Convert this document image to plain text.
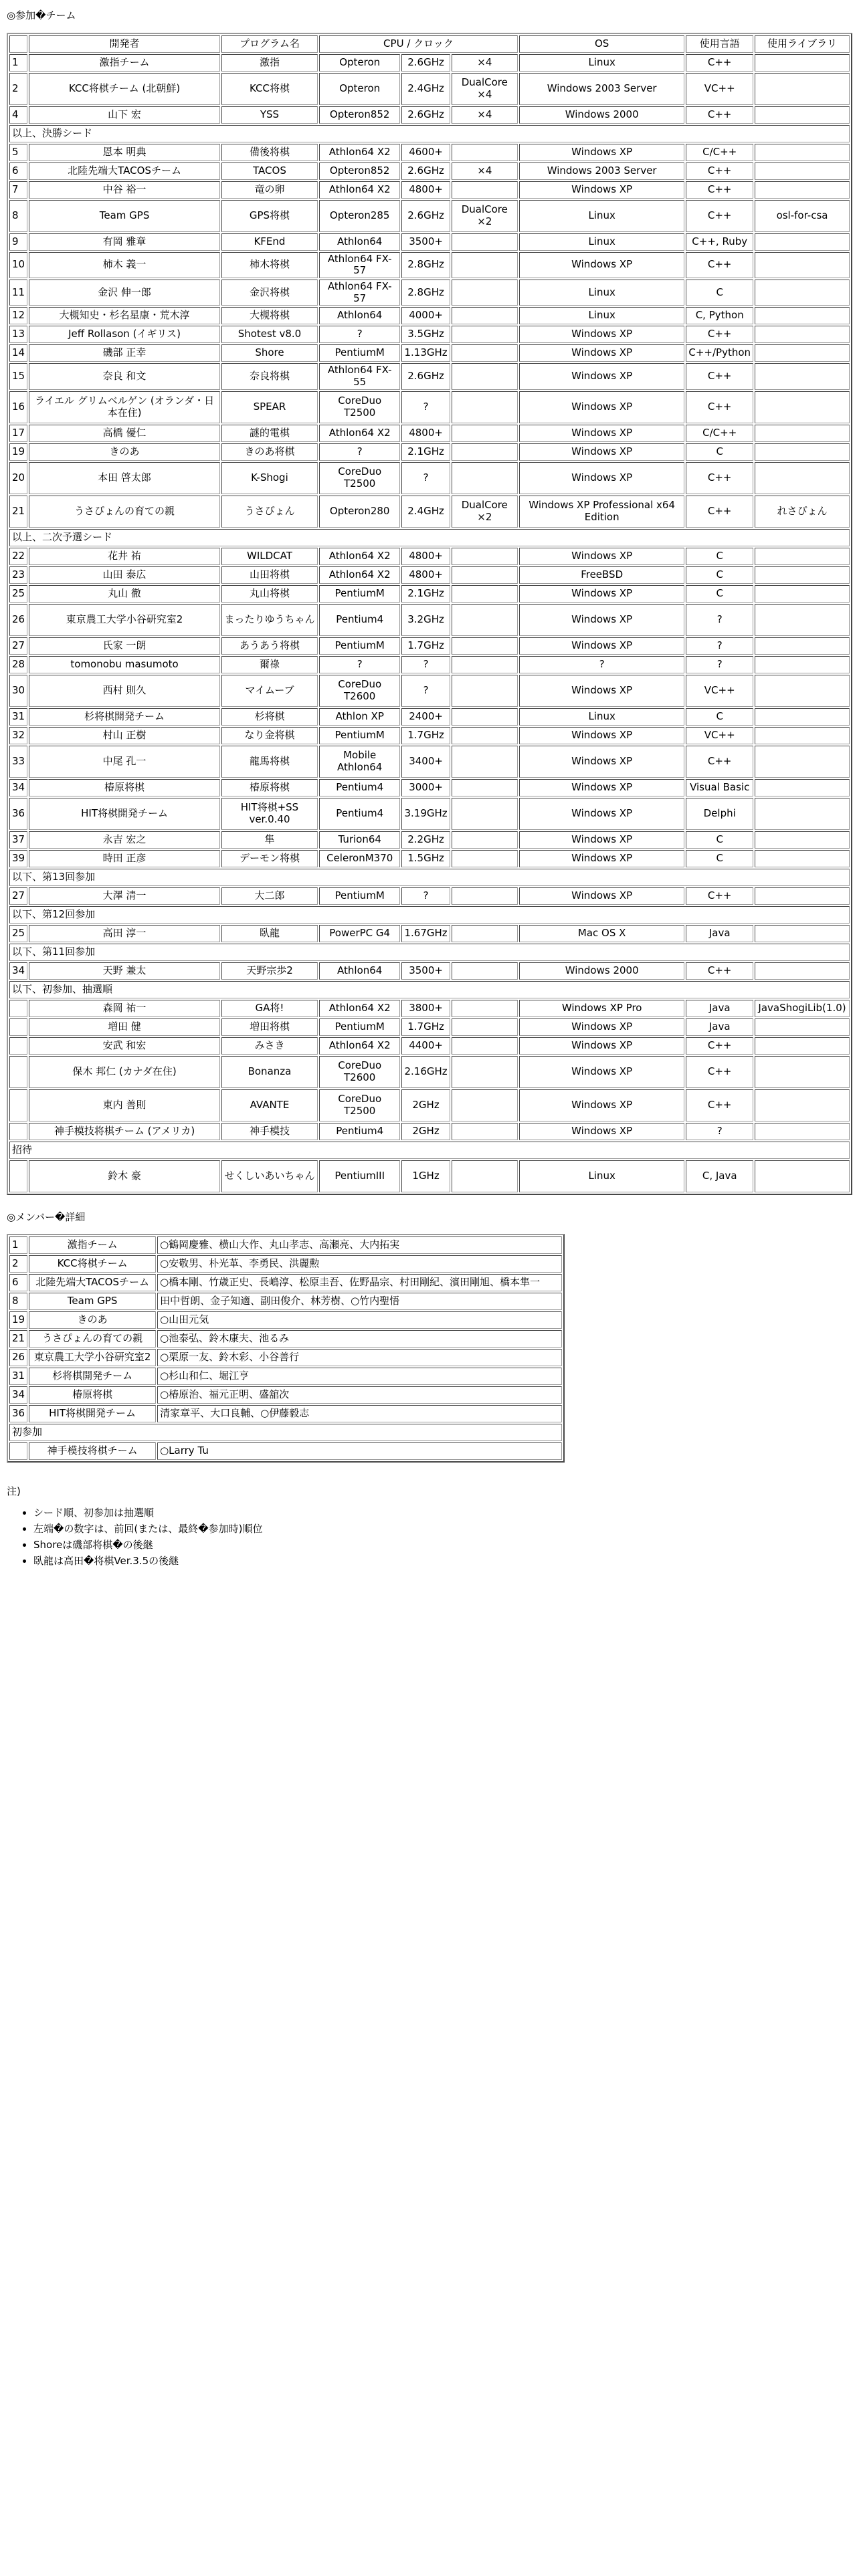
◎参加�チーム

	開発者	プログラム名	CPU / クロック			OS	使用言語	使用ライブラリ
1	激指チーム	激指	Opteron	2.6GHz	×4	Linux	C++	
2	KCC将棋チーム (北朝鮮)	KCC将棋	Opteron	2.4GHz	DualCore ×4	Windows 2003 Server	VC++	
4	山下 宏	YSS	Opteron852	2.6GHz	×4	Windows 2000	C++	
以上、決勝シード								
5	恩本 明典	備後将棋	Athlon64 X2	4600+		Windows XP	C/C++	
6	北陸先端大TACOSチーム	TACOS	Opteron852	2.6GHz	×4	Windows 2003 Server	C++	
7	中谷 裕一	竜の卵	Athlon64 X2	4800+		Windows XP	C++	
8	Team GPS	GPS将棋	Opteron285	2.6GHz	DualCore ×2	Linux	C++	osl-for-csa
9	有岡 雅章	KFEnd	Athlon64	3500+		Linux	C++, Ruby	
10	柿木 義一	柿木将棋	Athlon64 FX-57	2.8GHz		Windows XP	C++	
11	金沢 伸一郎	金沢将棋	Athlon64 FX-57	2.8GHz		Linux	C	
12	大槻知史・杉名星康・荒木淳	大槻将棋	Athlon64	4000+		Linux	C, Python	
13	Jeff Rollason (イギリス)	Shotest v8.0	?	3.5GHz		Windows XP	C++	
14	磯部 正幸	Shore	PentiumM	1.13GHz		Windows XP	C++/Python	
15	奈良 和文	奈良将棋	Athlon64 FX-55	2.6GHz		Windows XP	C++	
16	ライエル グリムベルゲン (オランダ・日本在住)	SPEAR	CoreDuo T2500	?		Windows XP	C++	
17	高橋 優仁	謎的電棋	Athlon64 X2	4800+		Windows XP	C/C++	
19	きのあ	きのあ将棋	?	2.1GHz		Windows XP	C	
20	本田 啓太郎	K-Shogi	CoreDuo T2500	?		Windows XP	C++	
21	うさぴょんの育ての親	うさぴょん	Opteron280	2.4GHz	DualCore ×2	Windows XP Professional x64 Edition	C++	れさぴょん
以上、二次予選シード								
22	花井 祐	WILDCAT	Athlon64 X2	4800+		Windows XP	C	
23	山田 泰広	山田将棋	Athlon64 X2	4800+		FreeBSD	C	
25	丸山 徹	丸山将棋	PentiumM	2.1GHz		Windows XP	C	
26	東京農工大学小谷研究室2	まったりゆうちゃん	Pentium4	3.2GHz		Windows XP	?	
27	氏家 一朗	あうあう将棋	PentiumM	1.7GHz		Windows XP	?	
28	tomonobu masumoto	爾祿	?	?		?	?	
30	西村 則久	マイムーブ	CoreDuo T2600	?		Windows XP	VC++	
31	杉将棋開発チーム	杉将棋	Athlon XP	2400+		Linux	C	
32	村山 正樹	なり金将棋	PentiumM	1.7GHz		Windows XP	VC++	
33	中尾 孔一	龍馬将棋	Mobile Athlon64	3400+		Windows XP	C++	
34	椿原将棋	椿原将棋	Pentium4	3000+		Windows XP	Visual Basic	
36	HIT将棋開発チーム	HIT将棋+SS ver.0.40	Pentium4	3.19GHz		Windows XP	Delphi	
37	永吉 宏之	隼	Turion64	2.2GHz		Windows XP	C	
39	時田 正彦	デーモン将棋	CeleronM370	1.5GHz		Windows XP	C	
以下、第13回参加								
27	大澤 清一	大二郎	PentiumM	?		Windows XP	C++	
以下、第12回参加								
25	高田 淳一	臥龍	PowerPC G4	1.67GHz		Mac OS X	Java	
以下、第11回参加								
34	天野 兼太	天野宗歩2	Athlon64	3500+		Windows 2000	C++	
以下、初参加、抽選順								
	森岡 祐一	GA将!	Athlon64 X2	3800+		Windows XP Pro	Java	JavaShogiLib(1.0)
	増田 健	増田将棋	PentiumM	1.7GHz		Windows XP	Java	
	安武 和宏	みさき	Athlon64 X2	4400+		Windows XP	C++	
	保木 邦仁 (カナダ在住)	Bonanza	CoreDuo T2600	2.16GHz		Windows XP	C++	
	東内 善則	AVANTE	CoreDuo T2500	2GHz		Windows XP	C++	
	神手模技将棋チーム (アメリカ)	神手模技	Pentium4	2GHz		Windows XP	?	
招待								
	鈴木 豪	せくしいあいちゃん	PentiumIII	1GHz		Linux	C, Java	

◎メンバー�詳細

1	激指チーム	○鶴岡慶雅、横山大作、丸山孝志、高瀬亮、大内拓実
2	KCC将棋チーム	○安敬男、朴光革、李勇民、洪麗勲
6	北陸先端大TACOSチーム	○橋本剛、竹歳正史、長嶋淳、松原圭吾、佐野晶宗、村田剛紀、濱田剛旭、橋本隼一
8	Team GPS	田中哲朗、金子知適、副田俊介、林芳樹、○竹内聖悟
19	きのあ	○山田元気
21	うさぴょんの育ての親	○池泰弘、鈴木康夫、池るみ
26	東京農工大学小谷研究室2	○栗原一友、鈴木彩、小谷善行
31	杉将棋開発チーム	○杉山和仁、堀江亨
34	椿原将棋	○椿原治、福元正明、盛舘次
36	HIT将棋開発チーム	清家章平、大口良輔、○伊藤毅志
初参加		
	神手模技将棋チーム	○Larry Tu

注)

• シード順、初参加は抽選順
• 左端�の数字は、前回(または、最終�参加時)順位
• Shoreは磯部将棋�の後継
• 臥龍は高田�将棋Ver.3.5の後継
